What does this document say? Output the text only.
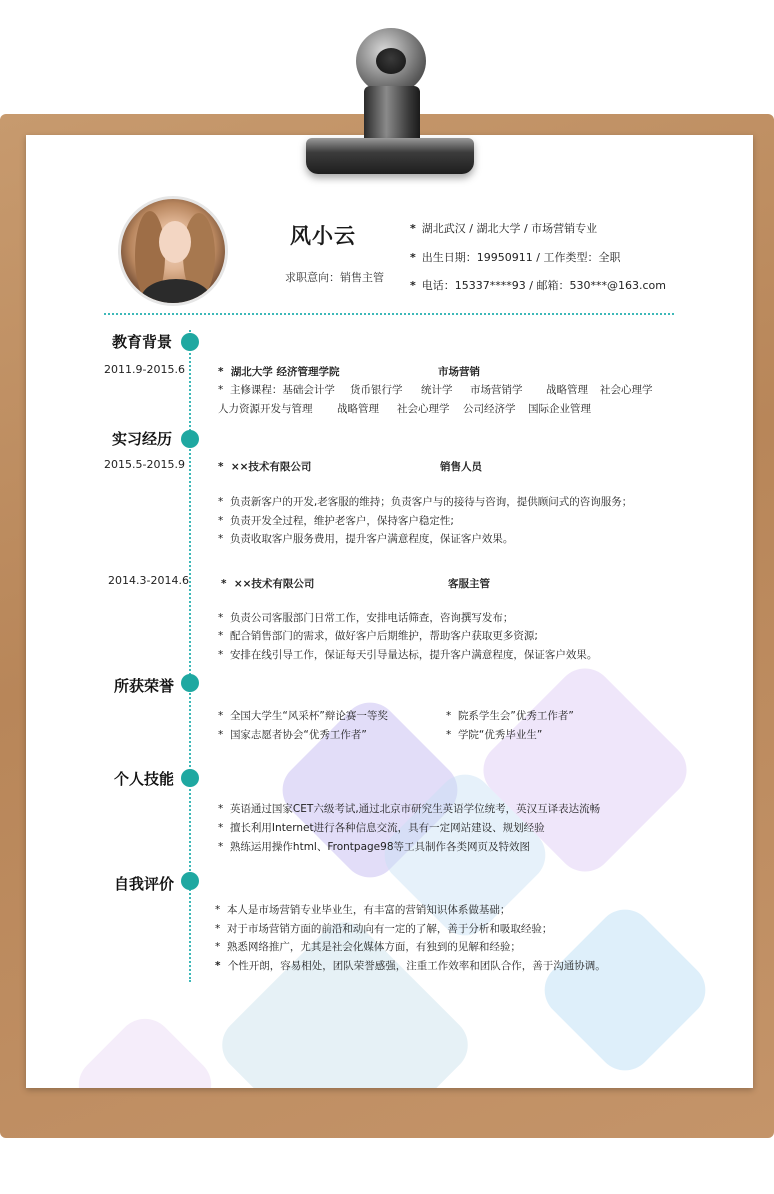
风小云
求职意向：销售主管
* 湖北武汉 / 湖北大学 / 市场营销专业
* 出生日期：19950911 / 工作类型：全职
* 电话：15337****93 / 邮箱：530***@163.com
教育背景
2011.9-2015.6	*  湖北大学 经济管理学院	市场营销
*  主修课程：基础会计学 货币银行学 统计学 市场营销学 战略管理 社会心理学
人力资源开发与管理 战略管理 社会心理学 公司经济学 国际企业管理
实习经历
2015.5-2015.9	*  ××技术有限公司	销售人员
*  负责新客户的开发,老客服的维持；负责客户与的接待与咨询，提供顾问式的咨询服务；
*  负责开发全过程，维护老客户，保持客户稳定性;
*  负责收取客户服务费用，提升客户满意程度，保证客户效果。
2014.3-2014.6	*  ××技术有限公司	客服主管
*  负责公司客服部门日常工作，安排电话筛查，咨询撰写发布；
*  配合销售部门的需求，做好客户后期维护，帮助客户获取更多资源;
*  安排在线引导工作，保证每天引导量达标，提升客户满意程度，保证客户效果。
所获荣誉
*  全国大学生“风采杯”辩论赛一等奖	*  院系学生会”优秀工作者”
*  国家志愿者协会“优秀工作者”	*  学院“优秀毕业生”
个人技能
*  英语通过国家CET六级考试,通过北京市研究生英语学位统考，英汉互译表达流畅
*  擅长利用Internet进行各种信息交流，具有一定网站建设、规划经验
*  熟练运用操作html、Frontpage98等工具制作各类网页及特效图
自我评价
*  本人是市场营销专业毕业生，有丰富的营销知识体系做基础；
*  对于市场营销方面的前沿和动向有一定的了解，善于分析和吸取经验；
*  熟悉网络推广，尤其是社会化媒体方面，有独到的见解和经验；
*  个性开朗，容易相处，团队荣誉感强，注重工作效率和团队合作，善于沟通协调。
